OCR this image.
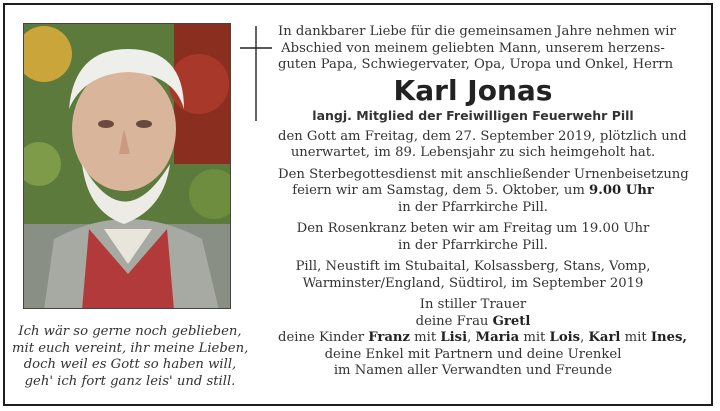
Ich wär so gerne noch geblieben,
mit euch vereint, ihr meine Lieben,
doch weil es Gott so haben will,
geh' ich fort ganz leis' und still.
In dankbarer Liebe für die gemeinsamen Jahre nehmen wir
Abschied von meinem geliebten Mann, unserem herzens-
guten Papa, Schwiegervater, Opa, Uropa und Onkel, Herrn
Karl Jonas
langj. Mitglied der Freiwilligen Feuerwehr Pill
den Gott am Freitag, dem 27. September 2019, plötzlich und
unerwartet, im 89. Lebensjahr zu sich heimgeholt hat.
Den Sterbegottesdienst mit anschließender Urnenbeisetzung
feiern wir am Samstag, dem 5. Oktober, um 9.00 Uhr
in der Pfarrkirche Pill.
Den Rosenkranz beten wir am Freitag um 19.00 Uhr
in der Pfarrkirche Pill.
Pill, Neustift im Stubaital, Kolsassberg, Stans, Vomp,
Warminster/England, Südtirol, im September 2019
In stiller Trauer
deine Frau Gretl
deine Kinder Franz mit Lisi, Maria mit Lois, Karl mit Ines,
deine Enkel mit Partnern und deine Urenkel
im Namen aller Verwandten und Freunde
